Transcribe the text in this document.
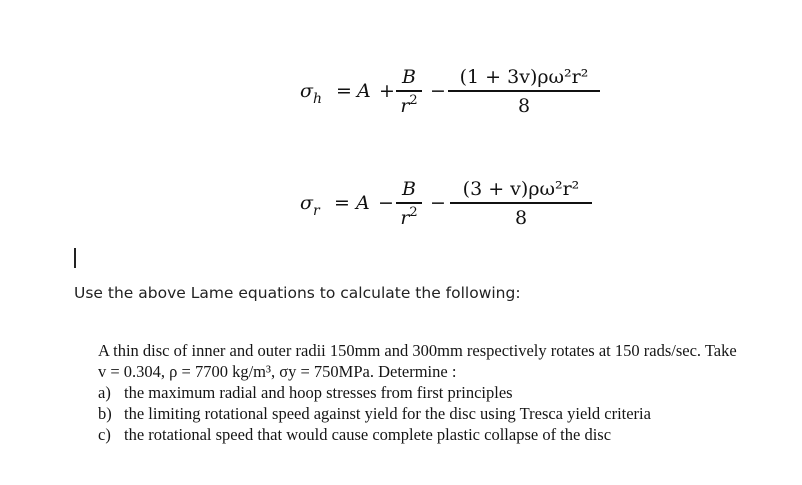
$\sigma_h = A$ +
B
$r^2$ −
(1 + 3v)ρω²r²
8
$\sigma_r = A$ −
B
$r^2$ −
(3 + v)ρω²r²
8
Use the above Lame equations to calculate the following:
A thin disc of inner and outer radii 150mm and 300mm respectively rotates at 150 rads/sec. Take
v = 0.304, ρ = 7700 kg/m³, σy = 750MPa. Determine :
a) the maximum radial and hoop stresses from first principles
b) the limiting rotational speed against yield for the disc using Tresca yield criteria
c) the rotational speed that would cause complete plastic collapse of the disc
